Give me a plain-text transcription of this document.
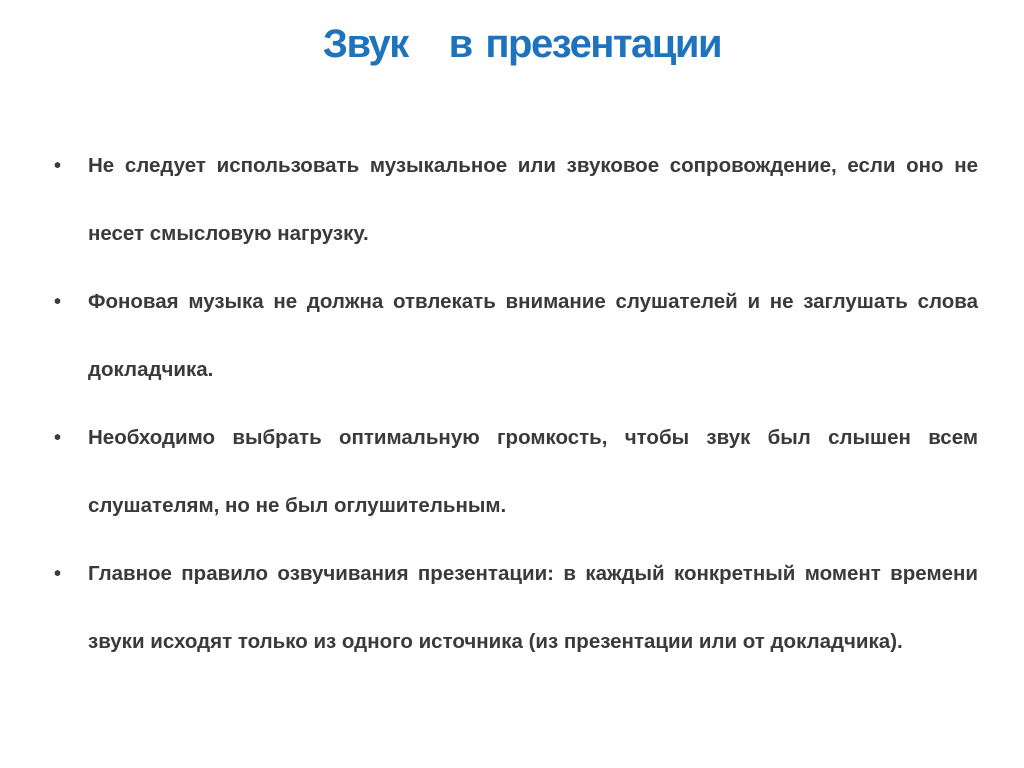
Звук   в презентации
• Не следует использовать музыкальное или звуковое сопровождение, если оно не несет смысловую нагрузку.
• Фоновая музыка не должна отвлекать внимание слушателей и не заглушать слова докладчика.
• Необходимо выбрать оптимальную громкость, чтобы звук был слышен всем слушателям, но не был оглушительным.
• Главное правило озвучивания презентации: в каждый конкретный момент времени звуки исходят только из одного источника (из презентации или от докладчика).
